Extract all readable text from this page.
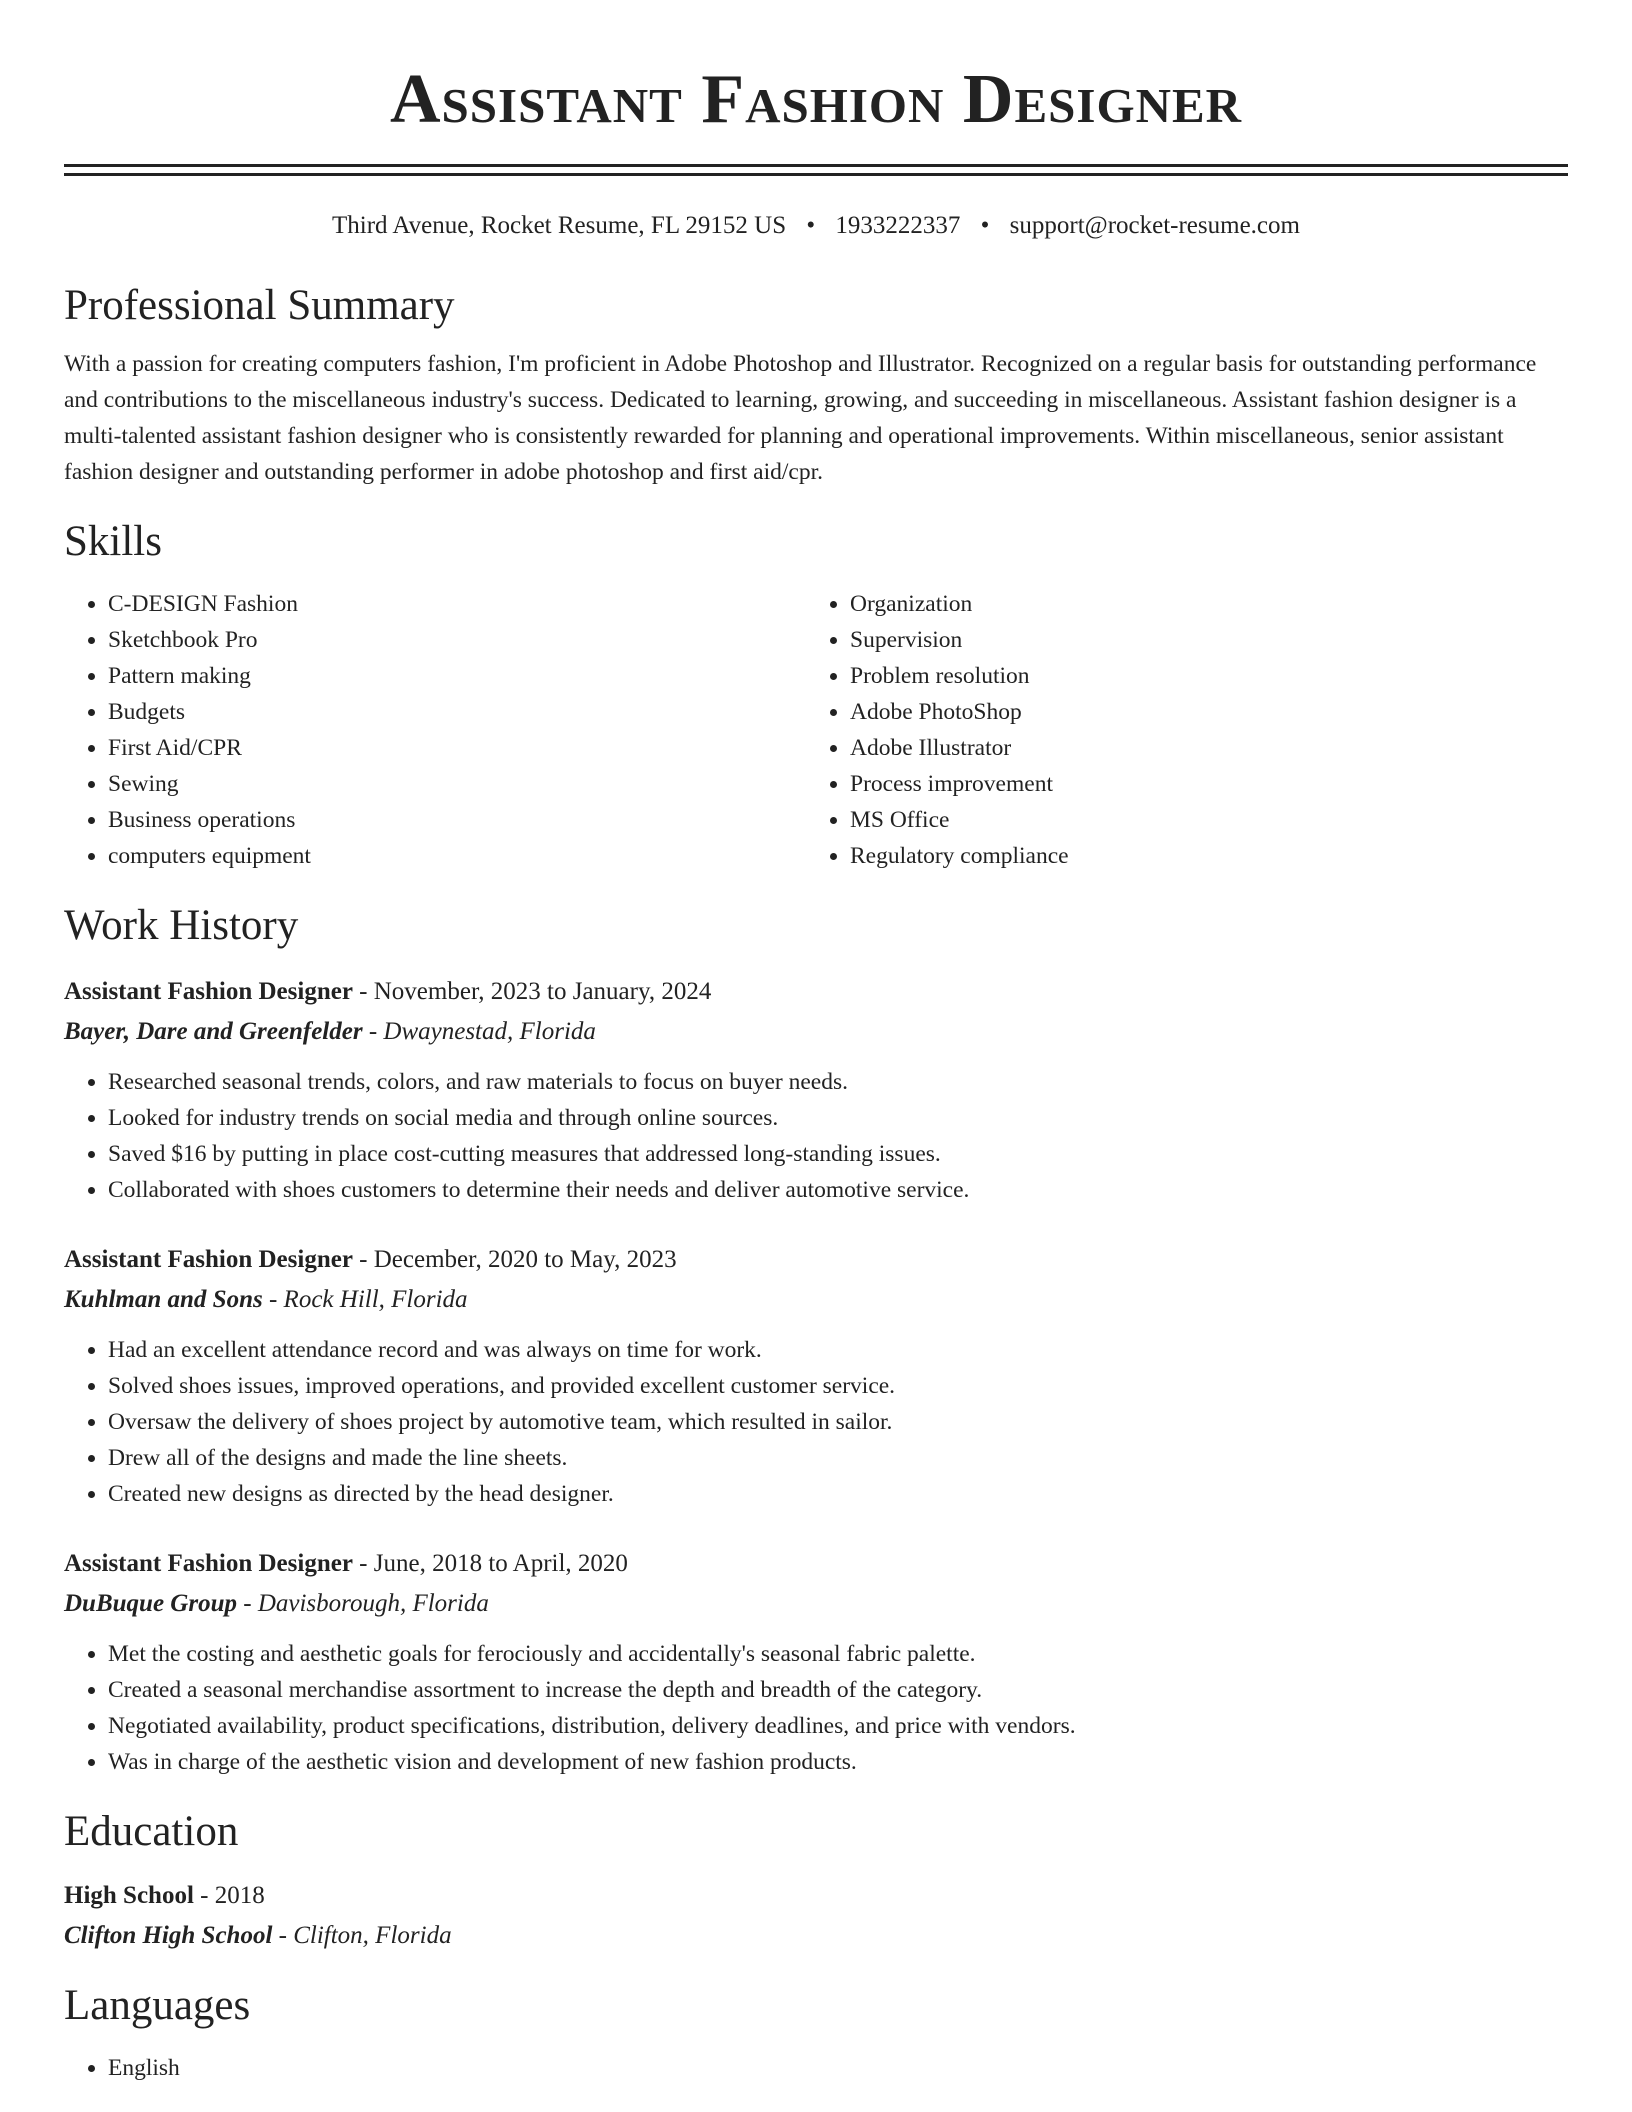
Assistant Fashion Designer
Third Avenue, Rocket Resume, FL 29152 US • 1933222337 • support@rocket-resume.com
Professional Summary

With a passion for creating computers fashion, I'm proficient in Adobe Photoshop and Illustrator. Recognized on a regular basis for outstanding performance and contributions to the miscellaneous industry's success. Dedicated to learning, growing, and succeeding in miscellaneous. Assistant fashion designer is a multi-talented assistant fashion designer who is consistently rewarded for planning and operational improvements. Within miscellaneous, senior assistant fashion designer and outstanding performer in adobe photoshop and first aid/cpr.

Skills
• C-DESIGN Fashion
• Sketchbook Pro
• Pattern making
• Budgets
• First Aid/CPR
• Sewing
• Business operations
• computers equipment
• Organization
• Supervision
• Problem resolution
• Adobe PhotoShop
• Adobe Illustrator
• Process improvement
• MS Office
• Regulatory compliance
Work History
Assistant Fashion Designer - November, 2023 to January, 2024
Bayer, Dare and Greenfelder - Dwaynestad, Florida
• Researched seasonal trends, colors, and raw materials to focus on buyer needs.
• Looked for industry trends on social media and through online sources.
• Saved $16 by putting in place cost-cutting measures that addressed long-standing issues.
• Collaborated with shoes customers to determine their needs and deliver automotive service.
Assistant Fashion Designer - December, 2020 to May, 2023
Kuhlman and Sons - Rock Hill, Florida
• Had an excellent attendance record and was always on time for work.
• Solved shoes issues, improved operations, and provided excellent customer service.
• Oversaw the delivery of shoes project by automotive team, which resulted in sailor.
• Drew all of the designs and made the line sheets.
• Created new designs as directed by the head designer.
Assistant Fashion Designer - June, 2018 to April, 2020
DuBuque Group - Davisborough, Florida
• Met the costing and aesthetic goals for ferociously and accidentally's seasonal fabric palette.
• Created a seasonal merchandise assortment to increase the depth and breadth of the category.
• Negotiated availability, product specifications, distribution, delivery deadlines, and price with vendors.
• Was in charge of the aesthetic vision and development of new fashion products.
Education
High School - 2018
Clifton High School - Clifton, Florida
Languages
• English
